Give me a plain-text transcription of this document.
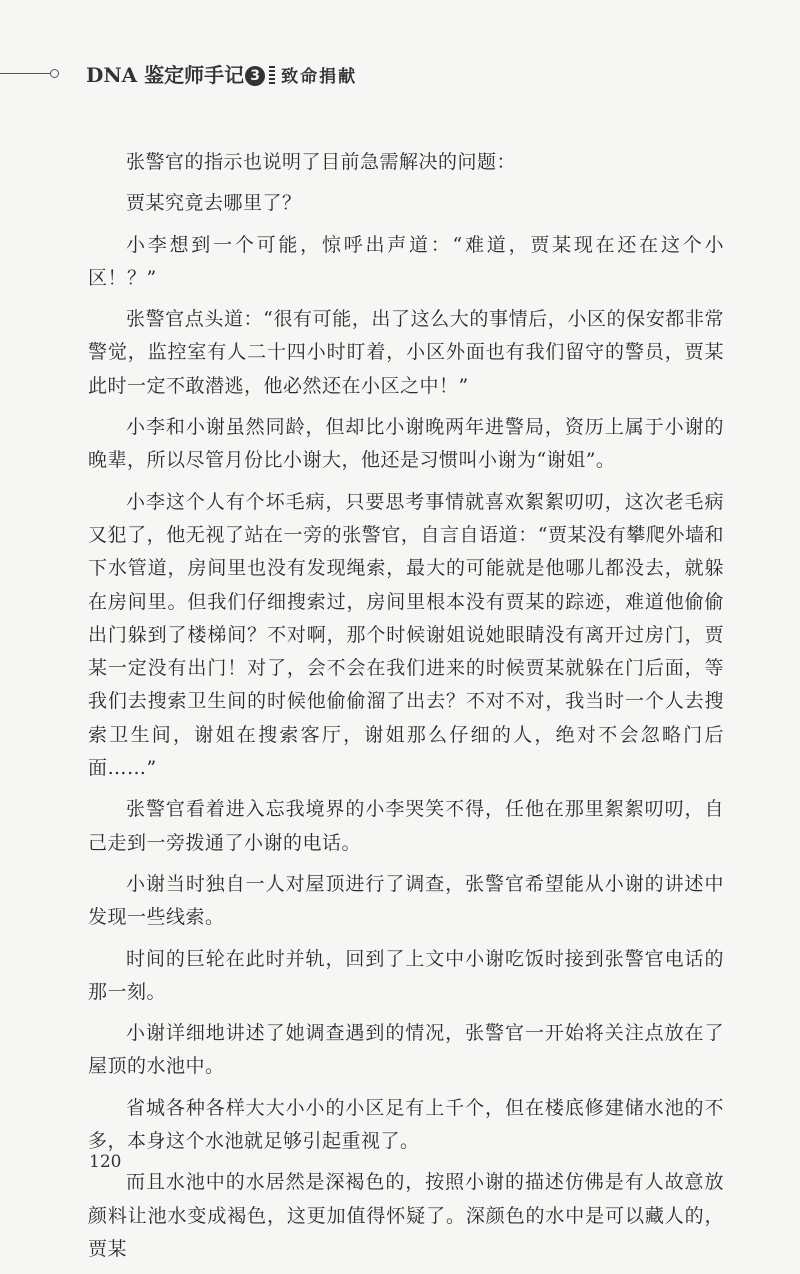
DNA 鉴定师手记 3 致命捐献

张警官的指示也说明了目前急需解决的问题：

贾某究竟去哪里了？

小李想到一个可能，惊呼出声道：“难道，贾某现在还在这个小区！？”

张警官点头道：“很有可能，出了这么大的事情后，小区的保安都非常警觉，监控室有人二十四小时盯着，小区外面也有我们留守的警员，贾某此时一定不敢潜逃，他必然还在小区之中！”

小李和小谢虽然同龄，但却比小谢晚两年进警局，资历上属于小谢的晚辈，所以尽管月份比小谢大，他还是习惯叫小谢为“谢姐”。

小李这个人有个坏毛病，只要思考事情就喜欢絮絮叨叨，这次老毛病又犯了，他无视了站在一旁的张警官，自言自语道：“贾某没有攀爬外墙和下水管道，房间里也没有发现绳索，最大的可能就是他哪儿都没去，就躲在房间里。但我们仔细搜索过，房间里根本没有贾某的踪迹，难道他偷偷出门躲到了楼梯间？不对啊，那个时候谢姐说她眼睛没有离开过房门，贾某一定没有出门！对了，会不会在我们进来的时候贾某就躲在门后面，等我们去搜索卫生间的时候他偷偷溜了出去？不对不对，我当时一个人去搜索卫生间，谢姐在搜索客厅，谢姐那么仔细的人，绝对不会忽略门后面……”

张警官看着进入忘我境界的小李哭笑不得，任他在那里絮絮叨叨，自己走到一旁拨通了小谢的电话。

小谢当时独自一人对屋顶进行了调查，张警官希望能从小谢的讲述中发现一些线索。

时间的巨轮在此时并轨，回到了上文中小谢吃饭时接到张警官电话的那一刻。

小谢详细地讲述了她调查遇到的情况，张警官一开始将关注点放在了屋顶的水池中。

省城各种各样大大小小的小区足有上千个，但在楼底修建储水池的不多，本身这个水池就足够引起重视了。

而且水池中的水居然是深褐色的，按照小谢的描述仿佛是有人故意放颜料让池水变成褐色，这更加值得怀疑了。深颜色的水中是可以藏人的，贾某

120
